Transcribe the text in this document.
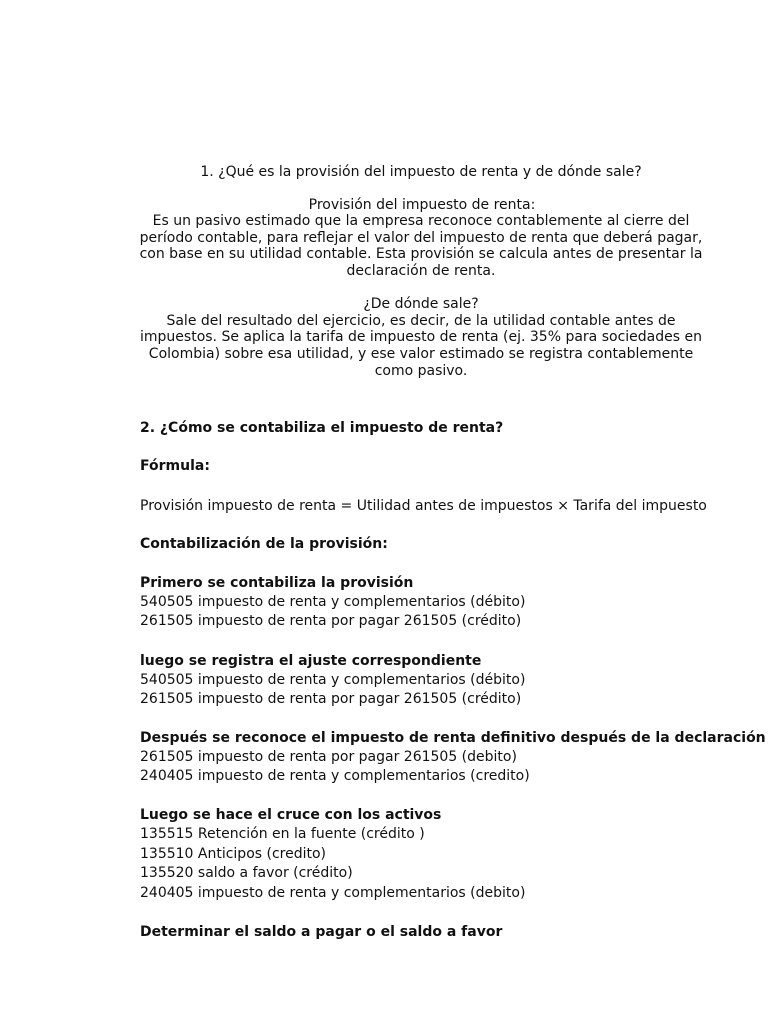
1. ¿Qué es la provisión del impuesto de renta y de dónde sale?
Provisión del impuesto de renta:
Es un pasivo estimado que la empresa reconoce contablemente al cierre del
período contable, para reflejar el valor del impuesto de renta que deberá pagar,
con base en su utilidad contable. Esta provisión se calcula antes de presentar la
declaración de renta.
¿De dónde sale?
Sale del resultado del ejercicio, es decir, de la utilidad contable antes de
impuestos. Se aplica la tarifa de impuesto de renta (ej. 35% para sociedades en
Colombia) sobre esa utilidad, y ese valor estimado se registra contablemente
como pasivo.
2. ¿Cómo se contabiliza el impuesto de renta?
Fórmula:
Provisión impuesto de renta = Utilidad antes de impuestos × Tarifa del impuesto
Contabilización de la provisión:
Primero se contabiliza la provisión
540505 impuesto de renta y complementarios (débito)
261505 impuesto de renta por pagar 261505 (crédito)
luego se registra el ajuste correspondiente
540505 impuesto de renta y complementarios (débito)
261505 impuesto de renta por pagar 261505 (crédito)
Después se reconoce el impuesto de renta definitivo después de la declaración
261505 impuesto de renta por pagar 261505 (debito)
240405 impuesto de renta y complementarios (credito)
Luego se hace el cruce con los activos
135515 Retención en la fuente (crédito )
135510 Anticipos (credito)
135520 saldo a favor (crédito)
240405 impuesto de renta y complementarios (debito)
Determinar el saldo a pagar o el saldo a favor
